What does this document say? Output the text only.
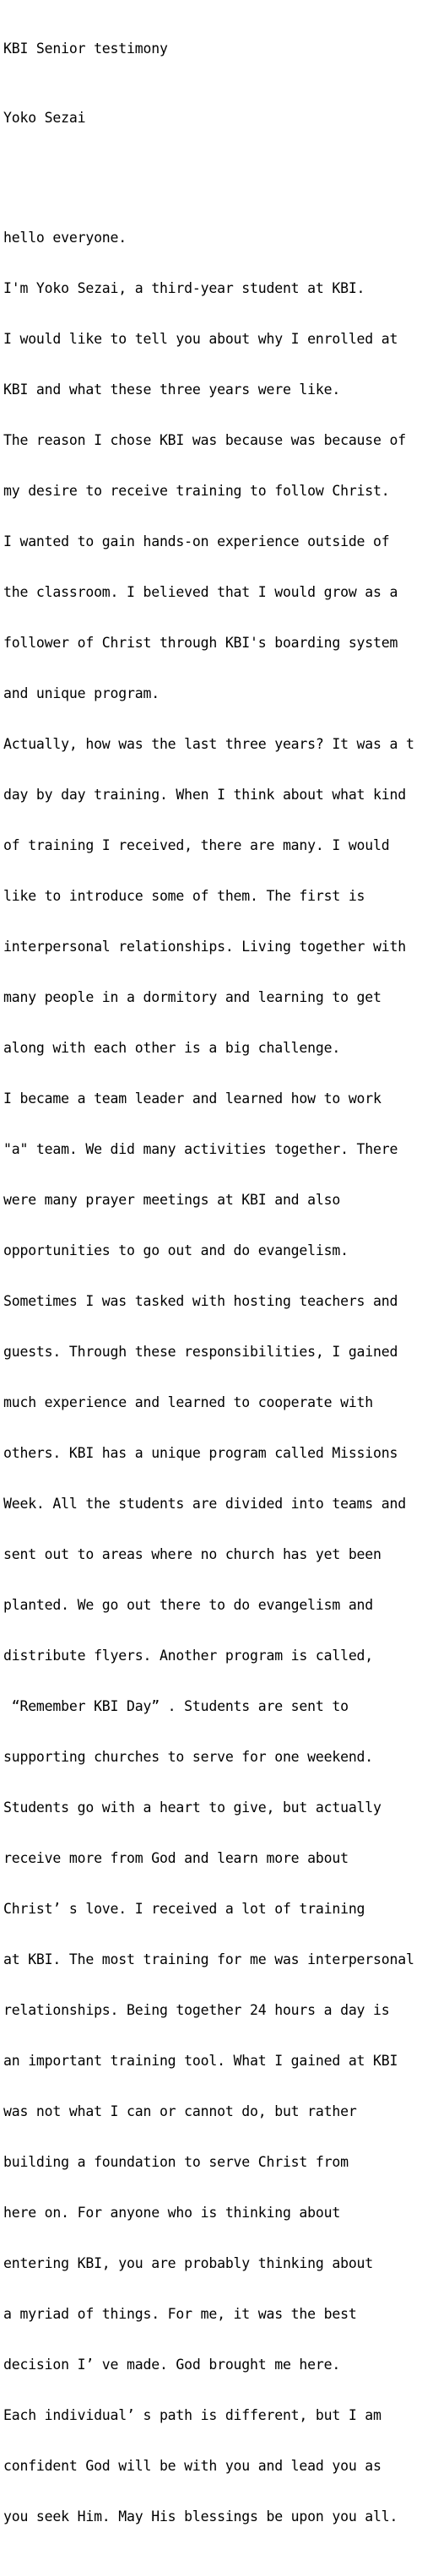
KBI Senior testimony

Yoko Sezai

hello everyone.

I'm Yoko Sezai, a third-year student at KBI.

I would like to tell you about why I enrolled at

KBI and what these three years were like.

The reason I chose KBI was because was because of

my desire to receive training to follow Christ.

I wanted to gain hands-on experience outside of

the classroom. I believed that I would grow as a

follower of Christ through KBI's boarding system

and unique program.

Actually, how was the last three years? It was a t

day by day training. When I think about what kind

of training I received, there are many. I would

like to introduce some of them. The first is

interpersonal relationships. Living together with

many people in a dormitory and learning to get

along with each other is a big challenge.

I became a team leader and learned how to work

"a" team. We did many activities together. There

were many prayer meetings at KBI and also

opportunities to go out and do evangelism.

Sometimes I was tasked with hosting teachers and

guests. Through these responsibilities, I gained

much experience and learned to cooperate with

others. KBI has a unique program called Missions

Week. All the students are divided into teams and

sent out to areas where no church has yet been

planted. We go out there to do evangelism and

distribute flyers. Another program is called,

“Remember KBI Day” . Students are sent to

supporting churches to serve for one weekend.

Students go with a heart to give, but actually

receive more from God and learn more about

Christ’ s love. I received a lot of training

at KBI. The most training for me was interpersonal

relationships. Being together 24 hours a day is

an important training tool. What I gained at KBI

was not what I can or cannot do, but rather

building a foundation to serve Christ from

here on. For anyone who is thinking about

entering KBI, you are probably thinking about

a myriad of things. For me, it was the best

decision I’ ve made. God brought me here.

Each individual’ s path is different, but I am

confident God will be with you and lead you as

you seek Him. May His blessings be upon you all.
